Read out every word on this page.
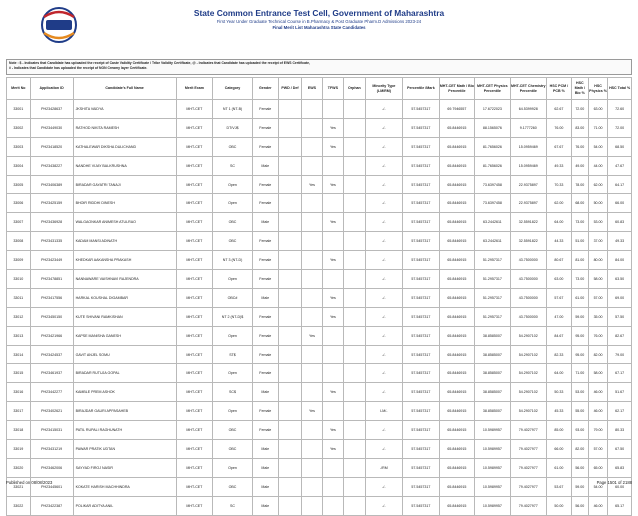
State Common Entrance Test Cell, Government of Maharashtra
First Year Under Graduate Technical Course in B.Pharmacy & Post Graduate Pharm.D Admissions 2023-24
Final Merit List Maharashtra State Candidates
Note : $ - Indicates that Candidate has uploaded the receipt of Caste Validity Certificate / Tribe Validity Certificate, @ - Indicates that Candidate has uploaded the receipt of EWS Certificate,
# - Indicates that Candidate has uploaded the receipt of NON Creamy layer Certificate.
Merit No	Application ID	Candidate's Full Name	Merit Exam	Category	Gender	PWD / Def	EWS	TFWS	Orphan	Minority Type (LM/RM)	Percentile /Mark	MHT-CET Math / Bio Percentile	MHT-CET Physics Percentile	MHT-CET Chemistry Percentile	HSC PCM / PCB %	HSC Math / Bio %	HSC Physics %	HSC Total %
33001	PH23428637	JKSHITA VAIDYA	MHT-CET	NT 1 (NT-B)	Female					-/-	57.5457317	69.7946557	17.6722023	64.5399928	62.67	72.00	63.00	72.60
33002	PH23449030	RATHOD NIKITA RAMESH	MHT-CET	DT/VJ$	Female			Yes		-/-	57.5457317	65.8446915	88.1565076	9.1777260	76.00	83.00	71.00	72.00
33003	PH23418520	KATHALEWAR DIKSHA DULICHAND	MHT-CET	OBC	Female			Yes		-/-	57.5457317	65.8446915	81.7656026	15.0959469	67.67	76.00	54.00	68.50
33004	PH23438227	NANDHE VIJAY BALKRUSHNA	MHT-CET	SC	Male					-/-	57.5457317	65.8446915	81.7656026	15.0959469	49.33	49.00	44.00	47.67
33005	PH23406389	BIRADAR GAYATRI TANAJI	MHT-CET	Open	Female		Yes	Yes		-/-	57.5457317	65.8446915	73.6397458	22.9375897	70.33	78.00	62.00	64.17
33006	PH23425159	BHOIR RIDDHI DINESH	MHT-CET	Open	Female					-/-	57.5457317	65.8446915	73.6397458	22.9375897	62.00	68.00	50.00	66.00
33007	PH23436928	WALGAONKAR ANIMESH ATULRAO	MHT-CET	OBC	Male			Yes		-/-	57.5457317	65.8446915	63.2442611	32.5591822	64.00	73.00	53.00	60.83
33008	PH23431335	KADAM MANSI ADINATH	MHT-CET	OBC	Female					-/-	57.5457317	65.8446915	63.2442611	32.5591822	44.33	51.00	37.00	49.33
33009	PH23423449	KHEDKAR AAKANSHA PRAKASH	MHT-CET	NT 3 (NT-D)	Female			Yes		-/-	57.5457317	65.8446915	51.2957317	43.7500000	80.67	81.00	80.00	84.00
33010	PH23478851	NANNAWARE VAISHNAVI RAJENDRA	MHT-CET	Open	Female					-/-	57.5457317	65.8446915	51.2957317	43.7500000	63.00	73.00	58.00	63.50
33011	PH23417556	HARKAL KOUSHAL DIGAMBAR	MHT-CET	OBC#	Male			Yes		-/-	57.5457317	65.8446915	51.2957317	43.7500000	57.67	61.00	57.00	69.00
33012	PH23450150	KUTE SHIVANI RAMKISHAN	MHT-CET	NT 2 (NT-D)$	Female			Yes		-/-	57.5457317	65.8446915	51.2957317	43.7500000	47.00	59.00	35.00	57.50
33013	PH23421966	KAPSE MANISHA GANESH	MHT-CET	Open	Female		Yes			-/-	57.5457317	65.8446915	38.8585007	54.2907102	84.67	95.00	76.00	82.67
33014	PH23424537	GAVIT ANJEL SOMU	MHT-CET	ST$	Female					-/-	57.5457317	65.8446915	38.8585007	54.2907102	82.33	95.00	82.00	79.00
33015	PH23461937	BIRADAR RUTUJA GOPAL	MHT-CET	Open	Female					-/-	57.5457317	65.8446915	38.8585007	54.2907102	64.00	71.00	58.00	67.17
33016	PH23442277	KAMBLE PREM ASHOK	MHT-CET	SC$	Male			Yes		-/-	57.5457317	65.8446915	38.8585007	54.2907102	50.33	53.00	46.00	51.67
33017	PH23402621	BIRAJDAR GAURI APPASAHEB	MHT-CET	Open	Female		Yes			LM/-	57.5457317	65.8446915	38.8585007	54.2907102	45.33	55.00	46.00	62.17
33018	PH23415031	PATIL RUPALI RAGHUNATH	MHT-CET	OBC	Female			Yes		-/-	57.5457317	65.8446915	10.5989957	79.4027977	85.00	93.00	79.00	80.33
33019	PH23431219	PAWAR PRATIK UDTAN	MHT-CET	OBC	Male			Yes		-/-	57.5457317	65.8446915	10.5989957	79.4027977	66.00	82.00	57.00	67.50
33020	PH23462006	SAYYAD FIROJ NASIR	MHT-CET	Open	Male					-/RM	57.5457317	65.8446915	10.5989957	79.4027977	61.00	56.00	65.00	65.83
33021	PH23445601	KOKATE HARISH MACHHINDRA	MHT-CET	OBC	Male					-/-	57.5457317	65.8446915	10.5989957	79.4027977	53.67	59.00	54.00	60.00
33022	PH23422387	POLIKAR ADITYA ANIL	MHT-CET	SC	Male					-/-	57.5457317	65.8446915	10.5989957	79.4027977	50.00	56.00	46.00	65.17
Published on 08/08/2023	Page 1501 of 2188
